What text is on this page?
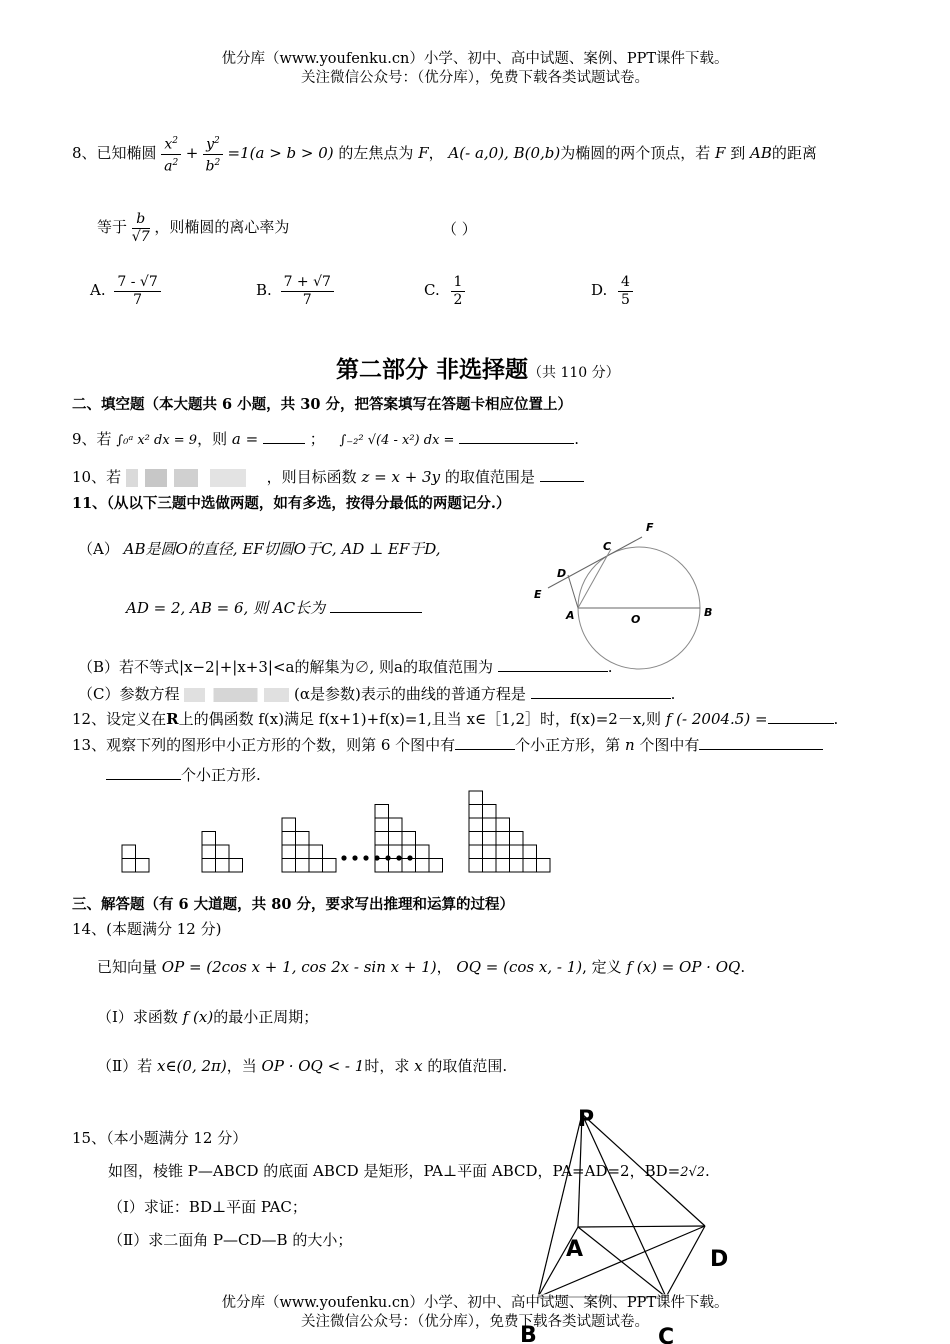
优分库（www.youfenku.cn）小学、初中、高中试题、案例、PPT课件下载。
关注微信公众号：（优分库），免费下载各类试题试卷。
8、已知椭圆 $\frac{x^2}{a^2} + \frac{y^2}{b^2} =1(a > b > 0)$ 的左焦点为 F， A(- a,0), B(0,b)为椭圆的两个顶点，若 F 到 AB的距离
等于 $\frac{b}{√7}$ ，则椭圆的离心率为	（ ）
A. $\frac{7 - √7}{7}$	B. $\frac{7 + √7}{7}$	C. $\frac{1}{2}$	D. $\frac{4}{5}$
第二部分 非选择题（共 110 分）
二、填空题（本大题共 6 小题，共 30 分，把答案填写在答题卡相应位置上）
9、若 ∫₀ᵃ x² dx = 9，则 a =	； ∫₋₂² √(4 - x²) dx =	.
10、若	，则目标函数 z = x + 3y 的取值范围是
11、（从以下三题中选做两题，如有多选，按得分最低的两题记分.）
（A） AB是圆O的直径, EF切圆O于C, AD ⊥ EF于D,
AD = 2, AB = 6, 则 AC长为
F
C
D
E
A	O
B
（B）若不等式|x−2|+|x+3|<a的解集为∅, 则a的取值范围为	.
（C）参数方程	(α是参数)表示的曲线的普通方程是	.
12、设定义在R上的偶函数 f(x)满足 f(x+1)+f(x)=1,且当 x∈［1,2］时，f(x)=2－x,则 f (- 2004.5) =	.
13、观察下列的图形中小正方形的个数，则第 6 个图中有	个小正方形，第 n 个图中有
个小正方形.
三、解答题（有 6 大道题，共 80 分，要求写出推理和运算的过程）
14、(本题满分 12 分)
已知向量 OP = (2cos x + 1, cos 2x - sin x + 1)， OQ = (cos x, - 1), 定义 f (x) = OP · OQ.
（Ⅰ）求函数 f (x)的最小正周期；
（Ⅱ）若 x∈(0, 2π)，当 OP · OQ < - 1时，求 x 的取值范围.
15、（本小题满分 12 分）
如图，棱锥 P—ABCD 的底面 ABCD 是矩形，PA⊥平面 ABCD，PA=AD=2，BD=2√2.
（Ⅰ）求证：BD⊥平面 PAC；
（Ⅱ）求二面角 P—CD—B 的大小；
P
A	D
B	C
优分库（www.youfenku.cn）小学、初中、高中试题、案例、PPT课件下载。
关注微信公众号：（优分库），免费下载各类试题试卷。
